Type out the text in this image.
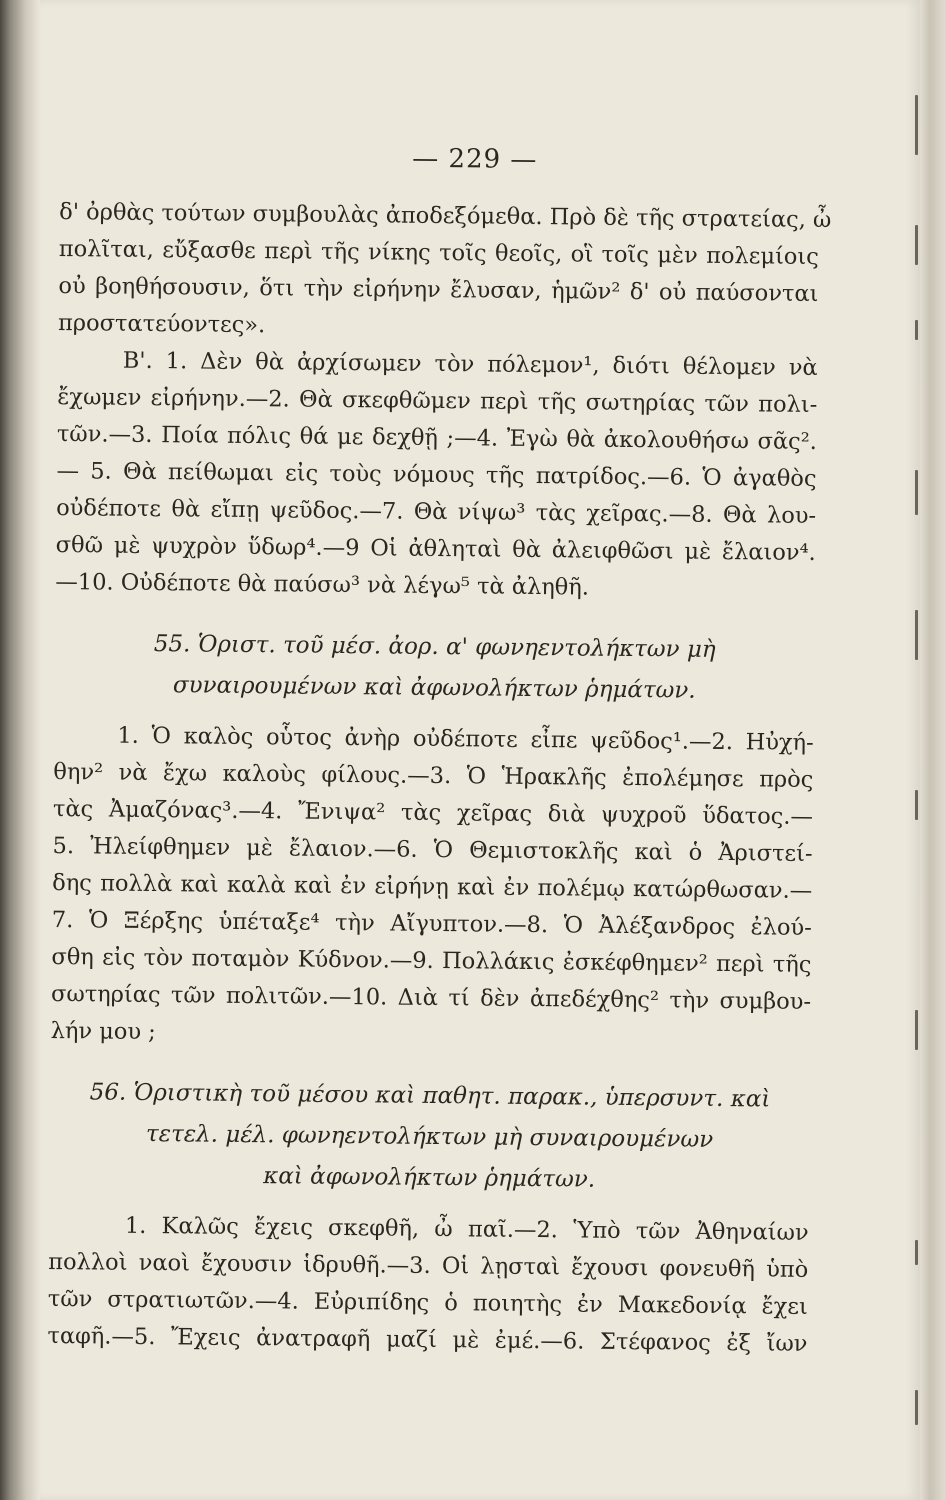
— 229 —
δ' ὀρθὰς τούτων συμβουλὰς ἀποδεξόμεθα. Πρὸ δὲ τῆς στρατείας, ὦ
πολῖται, εὔξασθε περὶ τῆς νίκης τοῖς θεοῖς, οἳ τοῖς μὲν πολεμίοις
οὐ βοηθήσουσιν, ὅτι τὴν εἰρήνην ἔλυσαν, ἡμῶν² δ' οὐ παύσονται
προστατεύοντες».
Β'. 1. Δὲν θὰ ἀρχίσωμεν τὸν πόλεμον¹, διότι θέλομεν νὰ
ἔχωμεν εἰρήνην.—2. Θὰ σκεφθῶμεν περὶ τῆς σωτηρίας τῶν πολι-
τῶν.—3. Ποία πόλις θά με δεχθῇ ;—4. Ἐγὼ θὰ ἀκολουθήσω σᾶς².
— 5. Θὰ πείθωμαι εἰς τοὺς νόμους τῆς πατρίδος.—6. Ὁ ἀγαθὸς
οὐδέποτε θὰ εἴπῃ ψεῦδος.—7. Θὰ νίψω³ τὰς χεῖρας.—8. Θὰ λου-
σθῶ μὲ ψυχρὸν ὕδωρ⁴.—9 Οἱ ἀθληταὶ θὰ ἀλειφθῶσι μὲ ἔλαιον⁴.
—10. Οὐδέποτε θὰ παύσω³ νὰ λέγω⁵ τὰ ἀληθῆ.
55. Ὁριστ. τοῦ μέσ. ἀορ. α' φωνηεντολήκτων μὴ
συναιρουμένων καὶ ἀφωνολήκτων ῥημάτων.
1. Ὁ καλὸς οὗτος ἀνὴρ οὐδέποτε εἶπε ψεῦδος¹.—2. Ηὐχή-
θην² νὰ ἔχω καλοὺς φίλους.—3. Ὁ Ἡρακλῆς ἐπολέμησε πρὸς
τὰς Ἀμαζόνας³.—4. Ἔνιψα² τὰς χεῖρας διὰ ψυχροῦ ὕδατος.—
5. Ἠλείφθημεν μὲ ἔλαιον.—6. Ὁ Θεμιστοκλῆς καὶ ὁ Ἀριστεί-
δης πολλὰ καὶ καλὰ καὶ ἐν εἰρήνῃ καὶ ἐν πολέμῳ κατώρθωσαν.—
7. Ὁ Ξέρξης ὑπέταξε⁴ τὴν Αἴγυπτον.—8. Ὁ Ἀλέξανδρος ἐλού-
σθη εἰς τὸν ποταμὸν Κύδνον.—9. Πολλάκις ἐσκέφθημεν² περὶ τῆς
σωτηρίας τῶν πολιτῶν.—10. Διὰ τί δὲν ἀπεδέχθης² τὴν συμβου-
λήν μου ;
56. Ὁριστικὴ τοῦ μέσου καὶ παθητ. παρακ., ὑπερσυντ. καὶ
τετελ. μέλ. φωνηεντολήκτων μὴ συναιρουμένων
καὶ ἀφωνολήκτων ῥημάτων.
1. Καλῶς ἔχεις σκεφθῆ, ὦ παῖ.—2. Ὑπὸ τῶν Ἀθηναίων
πολλοὶ ναοὶ ἔχουσιν ἱδρυθῆ.—3. Οἱ λῃσταὶ ἔχουσι φονευθῆ ὑπὸ
τῶν στρατιωτῶν.—4. Εὐριπίδης ὁ ποιητὴς ἐν Μακεδονίᾳ ἔχει
ταφῆ.—5. Ἔχεις ἀνατραφῆ μαζί μὲ ἐμέ.—6. Στέφανος ἐξ ἴων
